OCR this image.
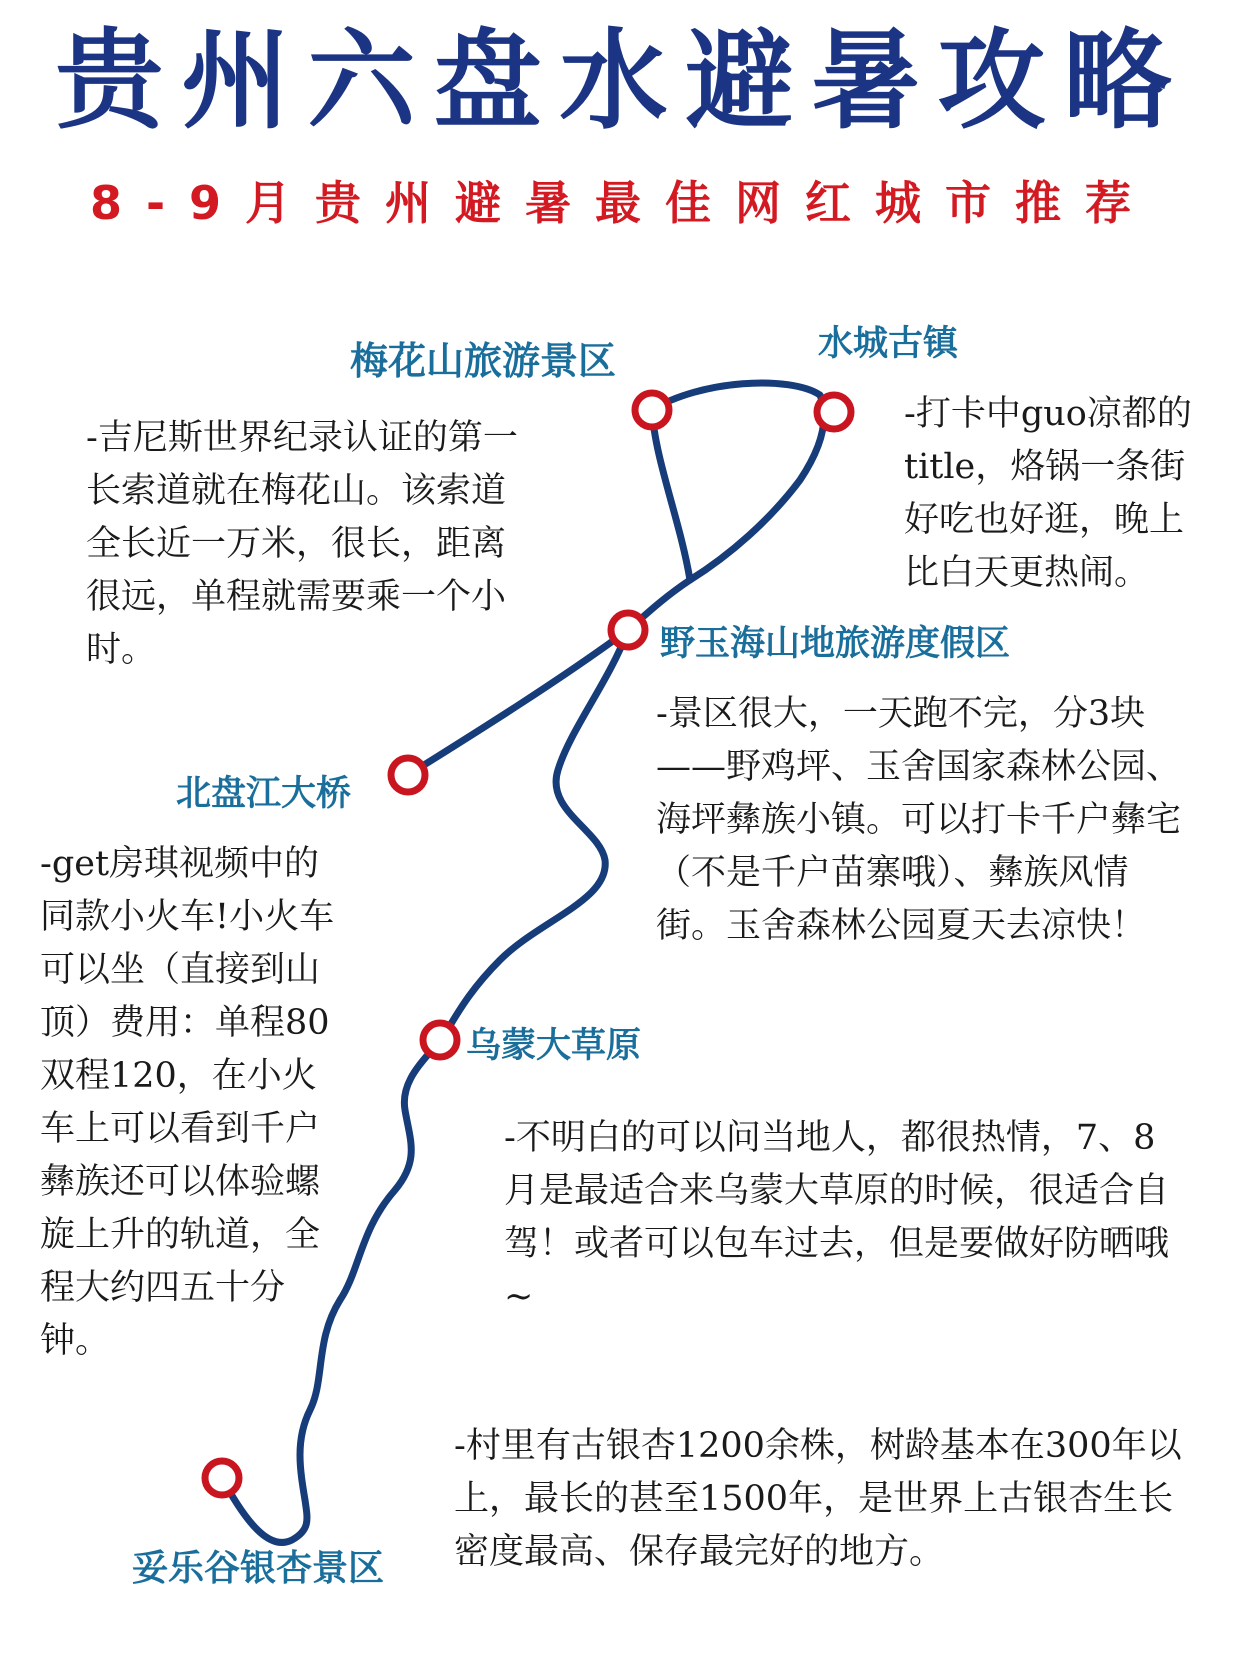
贵州六盘水避暑攻略
8-9月贵州避暑最佳网红城市推荐
梅花山旅游景区	水城古镇
野玉海山地旅游度假区
北盘江大桥
乌蒙大草原
妥乐谷银杏景区
-吉尼斯世界纪录认证的第一长索道就在梅花山。该索道全长近一万米，很长，距离很远，单程就需要乘一个小时。
-打卡中guo凉都的title，烙锅一条街好吃也好逛，晚上比白天更热闹。
-景区很大，一天跑不完，分3块——野鸡坪、玉舍国家森林公园、海坪彝族小镇。可以打卡千户彝宅（不是千户苗寨哦）、彝族风情街。玉舍森林公园夏天去凉快！
-get房琪视频中的同款小火车!小火车可以坐（直接到山顶）费用：单程80 双程120，在小火车上可以看到千户彝族还可以体验螺旋上升的轨道，全程大约四五十分钟。
-不明白的可以问当地人，都很热情，7、8月是最适合来乌蒙大草原的时候，很适合自驾！或者可以包车过去，但是要做好防晒哦~
-村里有古银杏1200余株，树龄基本在300年以上，最长的甚至1500年，是世界上古银杏生长密度最高、保存最完好的地方。
